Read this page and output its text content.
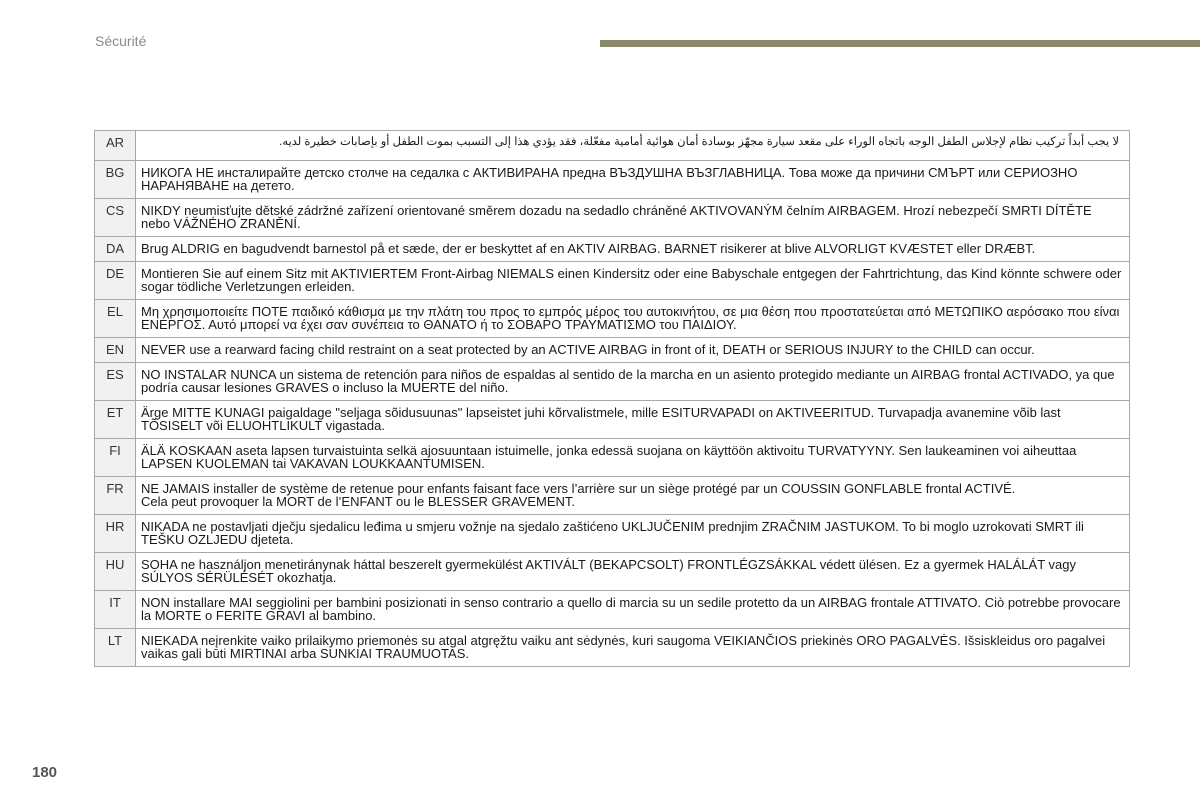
Sécurité
AR	لا يجب أبداً تركيب نظام لإجلاس الطفل الوجه باتجاه الوراء على مقعد سيارة مجهّز بوسادة أمان هوائية أمامية مفعّلة، فقد يؤدي هذا إلى التسبب بموت الطفل أو بإصابات خطيرة لديه.
BG	НИКОГА НЕ инсталирайте детско столче на седалка с АКТИВИРАНА предна ВЪЗДУШНА ВЪЗГЛАВНИЦА. Това може да причини СМЪРТ или СЕРИОЗНО НАРАНЯВАНЕ на детето.
CS	NIKDY neumisťujte dětské zádržné zařízení orientované směrem dozadu na sedadlo chráněné AKTIVOVANÝM čelním AIRBAGEM. Hrozí nebezpečí SMRTI DÍTĚTE nebo VÁŽNÉHO ZRANĚNÍ.
DA	Brug ALDRIG en bagudvendt barnestol på et sæde, der er beskyttet af en AKTIV AIRBAG. BARNET risikerer at blive ALVORLIGT KVÆSTET eller DRÆBT.
DE	Montieren Sie auf einem Sitz mit AKTIVIERTEM Front-Airbag NIEMALS einen Kindersitz oder eine Babyschale entgegen der Fahrtrichtung, das Kind könnte schwere oder sogar tödliche Verletzungen erleiden.
EL	Μη χρησιμοποιείτε ΠΟΤΕ παιδικό κάθισμα με την πλάτη του προς το εμπρός μέρος του αυτοκινήτου, σε μια θέση που προστατεύεται από ΜΕΤΩΠΙΚΟ αερόσακο που είναι ΕΝΕΡΓΟΣ. Αυτό μπορεί να έχει σαν συνέπεια το ΘΑΝΑΤΟ ή το ΣΟΒΑΡΟ ΤΡΑΥΜΑΤΙΣΜΟ του ΠΑΙΔΙΟΥ.
EN	NEVER use a rearward facing child restraint on a seat protected by an ACTIVE AIRBAG in front of it, DEATH or SERIOUS INJURY to the CHILD can occur.
ES	NO INSTALAR NUNCA un sistema de retención para niños de espaldas al sentido de la marcha en un asiento protegido mediante un AIRBAG frontal ACTIVADO, ya que podría causar lesiones GRAVES o incluso la MUERTE del niño.
ET	Ärge MITTE KUNAGI paigaldage "seljaga sõidusuunas" lapseistet juhi kõrvalistmele, mille ESITURVAPADI on AKTIVEERITUD. Turvapadja avanemine võib last TÕSISELT või ELUOHTLIKULT vigastada.
FI	ÄLÄ KOSKAAN aseta lapsen turvaistuinta selkä ajosuuntaan istuimelle, jonka edessä suojana on käyttöön aktivoitu TURVATYYNY. Sen laukeaminen voi aiheuttaa LAPSEN KUOLEMAN tai VAKAVAN LOUKKAANTUMISEN.
FR	NE JAMAIS installer de système de retenue pour enfants faisant face vers l’arrière sur un siège protégé par un COUSSIN GONFLABLE frontal ACTIVÉ.
Cela peut provoquer la MORT de l’ENFANT ou le BLESSER GRAVEMENT.

HR	NIKADA ne postavljati dječju sjedalicu leđima u smjeru vožnje na sjedalo zaštićeno UKLJUČENIM prednjim ZRAČNIM JASTUKOM. To bi moglo uzrokovati SMRT ili TEŠKU OZLJEDU djeteta.
HU	SOHA ne használjon menetiránynak háttal beszerelt gyermekülést AKTIVÁLT (BEKAPCSOLT) FRONTLÉGZSÁKKAL védett ülésen. Ez a gyermek HALÁLÁT vagy SÚLYOS SÉRÜLÉSÉT okozhatja.
IT	NON installare MAI seggiolini per bambini posizionati in senso contrario a quello di marcia su un sedile protetto da un AIRBAG frontale ATTIVATO. Ciò potrebbe provocare la MORTE o FERITE GRAVI al bambino.
LT	NIEKADA neįrenkite vaiko prilaikymo priemonės su atgal atgręžtu vaiku ant sėdynės, kuri saugoma VEIKIANČIOS priekinės ORO PAGALVĖS. Išsiskleidus oro pagalvei vaikas gali būti MIRTINAI arba SUNKIAI TRAUMUOTAS.
180
